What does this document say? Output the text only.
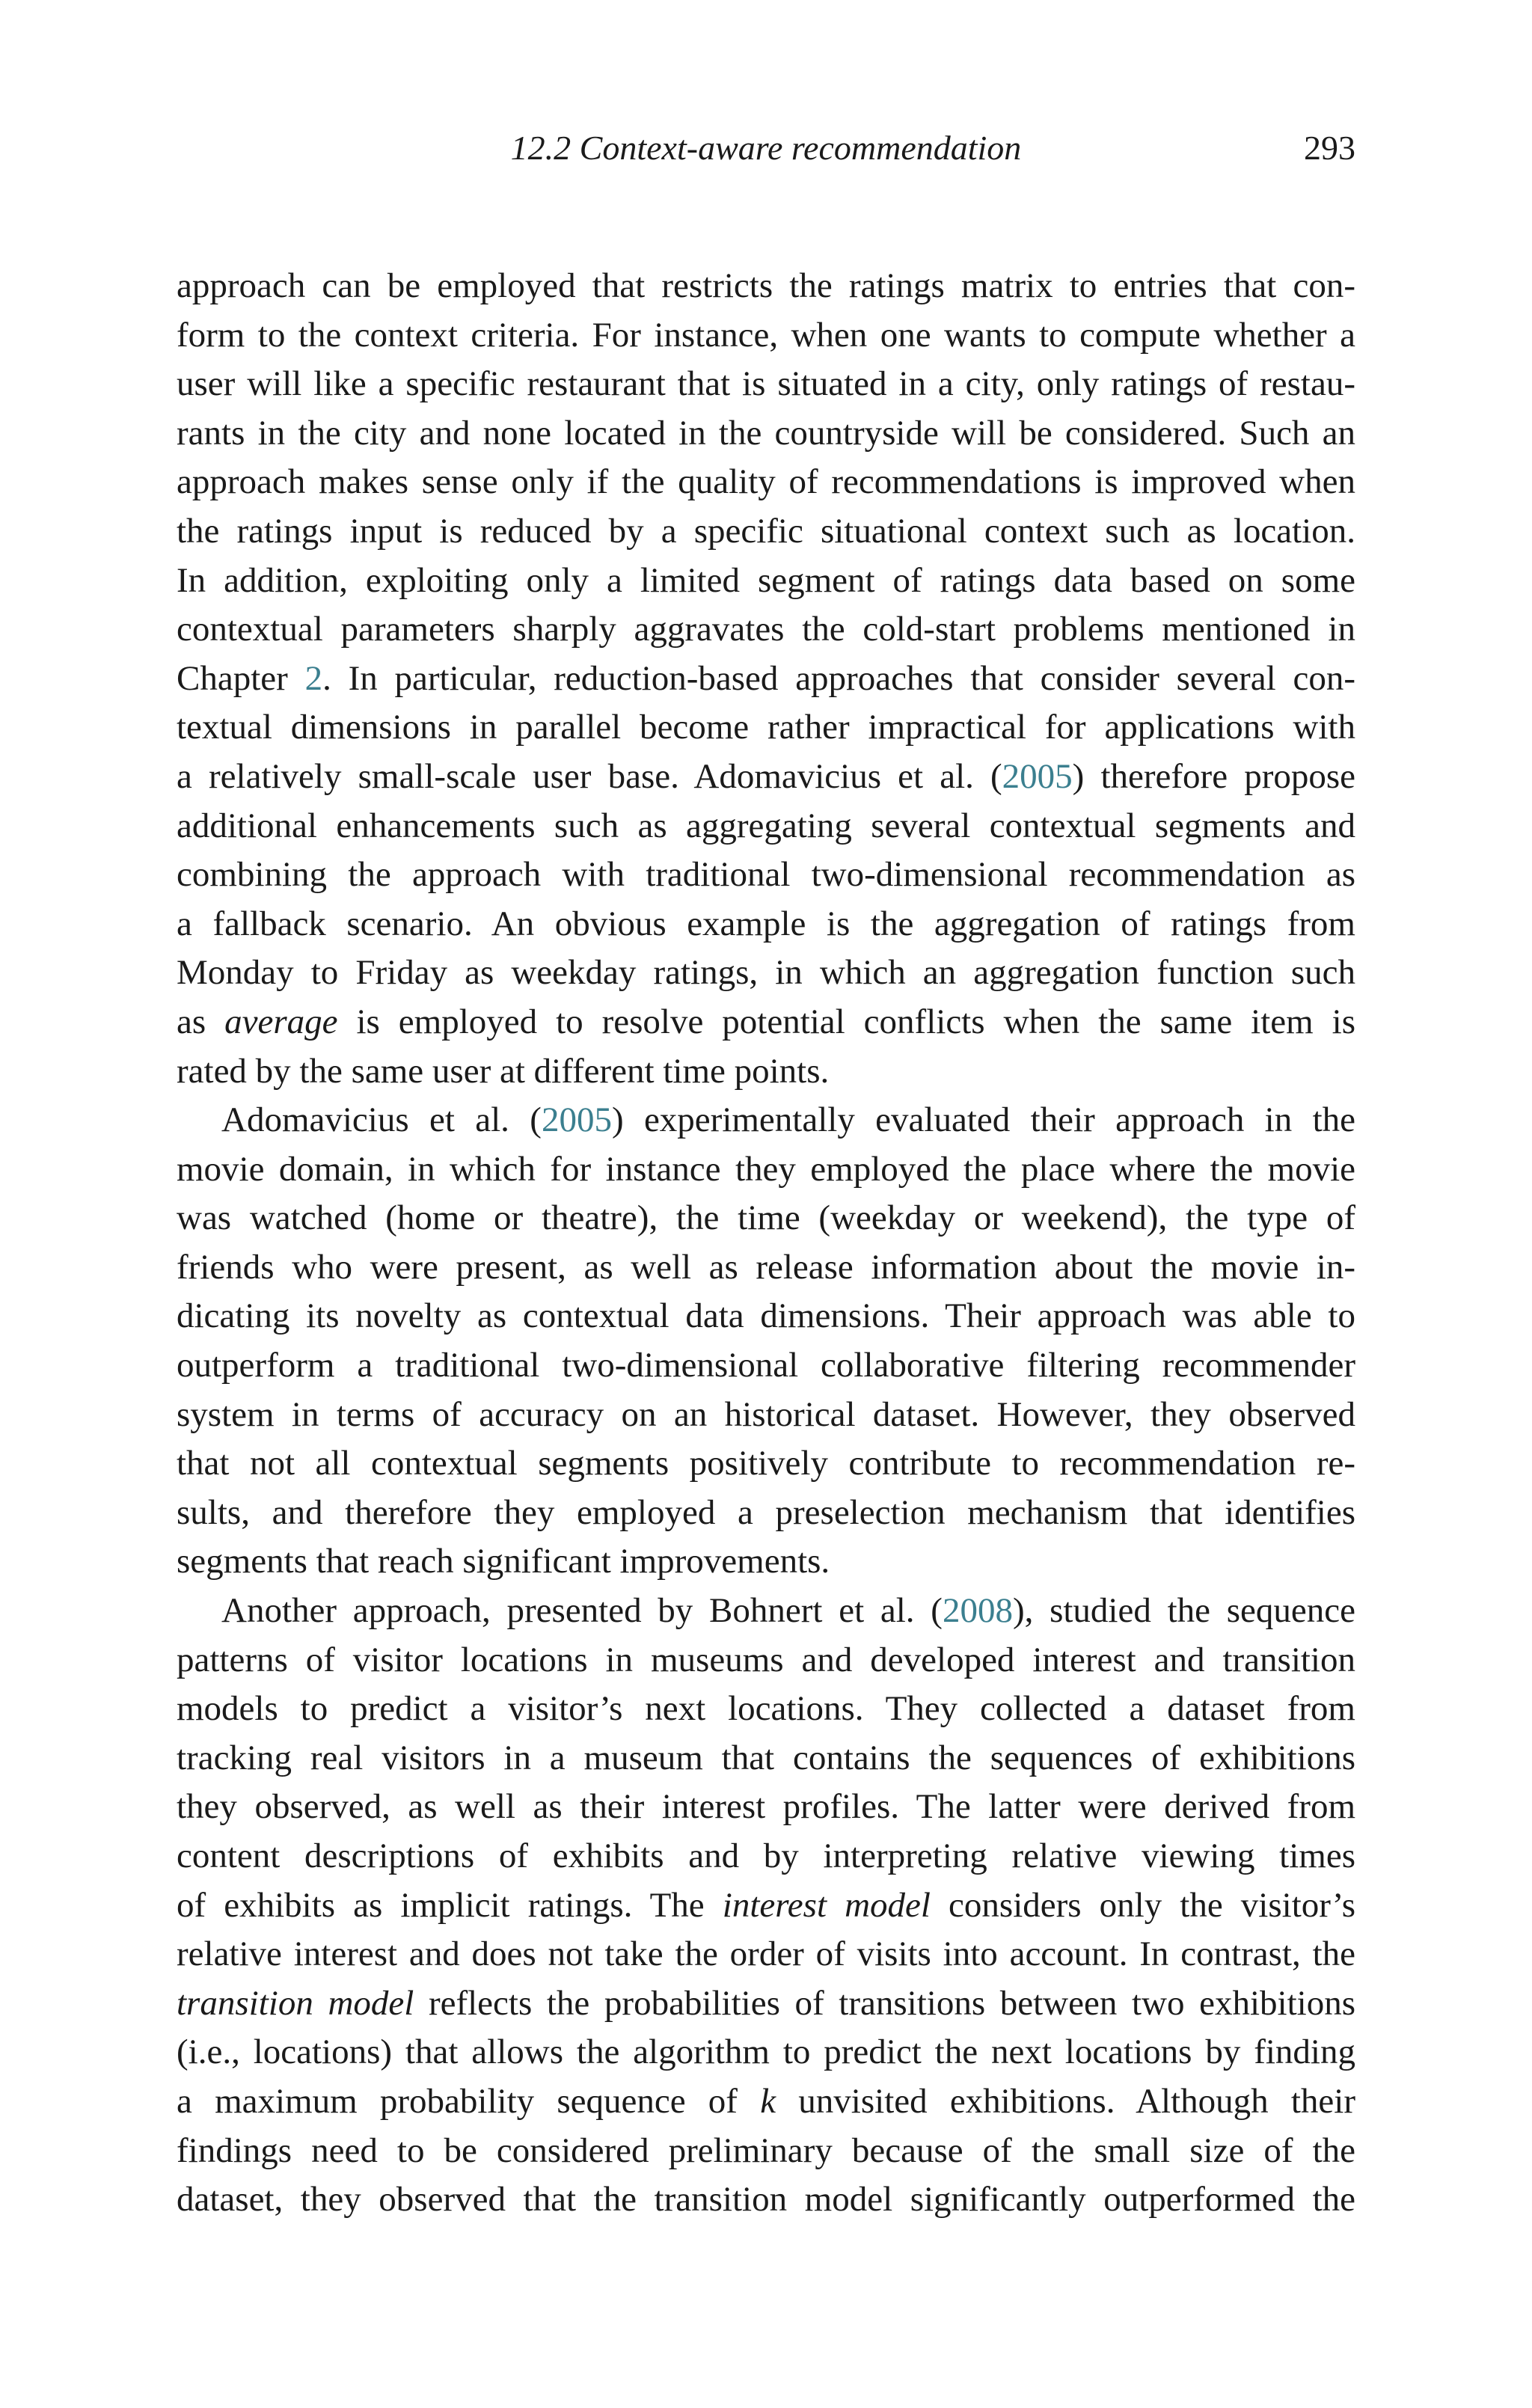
12.2 Context-aware recommendation	293
approach can be employed that restricts the ratings matrix to entries that con-
form to the context criteria. For instance, when one wants to compute whether a
user will like a specific restaurant that is situated in a city, only ratings of restau-
rants in the city and none located in the countryside will be considered. Such an
approach makes sense only if the quality of recommendations is improved when
the ratings input is reduced by a specific situational context such as location.
In addition, exploiting only a limited segment of ratings data based on some
contextual parameters sharply aggravates the cold-start problems mentioned in
Chapter 2. In particular, reduction-based approaches that consider several con-
textual dimensions in parallel become rather impractical for applications with
a relatively small-scale user base. Adomavicius et al. (2005) therefore propose
additional enhancements such as aggregating several contextual segments and
combining the approach with traditional two-dimensional recommendation as
a fallback scenario. An obvious example is the aggregation of ratings from
Monday to Friday as weekday ratings, in which an aggregation function such
as average is employed to resolve potential conflicts when the same item is
rated by the same user at different time points.
Adomavicius et al. (2005) experimentally evaluated their approach in the
movie domain, in which for instance they employed the place where the movie
was watched (home or theatre), the time (weekday or weekend), the type of
friends who were present, as well as release information about the movie in-
dicating its novelty as contextual data dimensions. Their approach was able to
outperform a traditional two-dimensional collaborative filtering recommender
system in terms of accuracy on an historical dataset. However, they observed
that not all contextual segments positively contribute to recommendation re-
sults, and therefore they employed a preselection mechanism that identifies
segments that reach significant improvements.
Another approach, presented by Bohnert et al. (2008), studied the sequence
patterns of visitor locations in museums and developed interest and transition
models to predict a visitor’s next locations. They collected a dataset from
tracking real visitors in a museum that contains the sequences of exhibitions
they observed, as well as their interest profiles. The latter were derived from
content descriptions of exhibits and by interpreting relative viewing times
of exhibits as implicit ratings. The interest model considers only the visitor’s
relative interest and does not take the order of visits into account. In contrast, the
transition model reflects the probabilities of transitions between two exhibitions
(i.e., locations) that allows the algorithm to predict the next locations by finding
a maximum probability sequence of k unvisited exhibitions. Although their
findings need to be considered preliminary because of the small size of the
dataset, they observed that the transition model significantly outperformed the
